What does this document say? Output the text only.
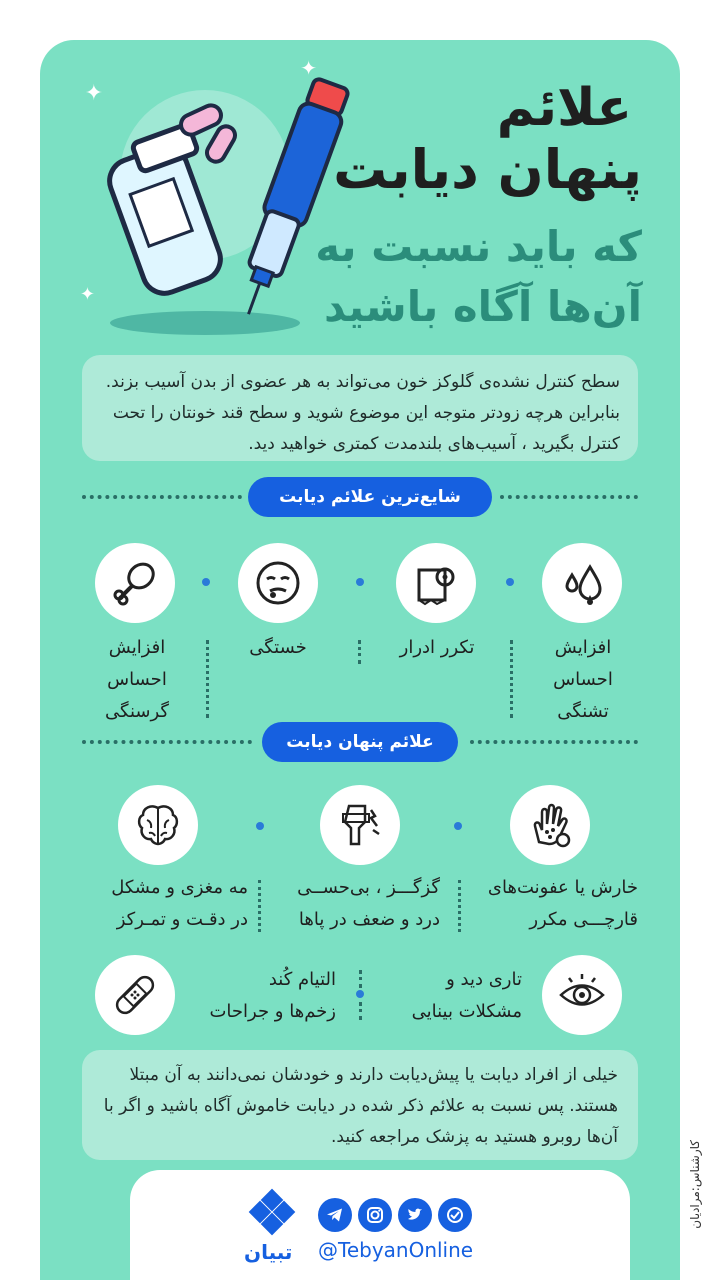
✦
✦
✦
علائم
پنهان دیابت
که باید نسبت به
آن‌ها آگاه باشید
سطح کنترل نشده‌ی گلوکز خون می‌تواند به هر عضوی از بدن آسیب بزند. بنابراین هرچه زودتر متوجه این موضوع شوید و سطح قند خونتان را تحت کنترل بگیرید ، آسیب‌های بلندمدت کمتری خواهید دید.
شایع‌ترین علائم دیابت
افزایش
احساس
تشنگی
تکرر ادرار
خستگی
افزایش
احساس
گرسنگی
علائم پنهان دیابت
خارش یا عفونت‌های
قارچـــی مکرر
گزگـــز ، بی‌حســی
درد و ضعف در پاها
مه مغزی و مشکل
در دقـت و تمـرکز
تاری دید و
مشکلات بینایی
التیام کُند
زخم‌ها و جراحات
خیلی از افراد دیابت یا پیش‌دیابت دارند و خودشان نمی‌دانند به آن مبتلا هستند. پس نسبت به علائم ذکر شده در دیابت خاموش آگاه باشید و اگر با آن‌ها روبرو هستید به پزشک مراجعه کنید.
کارشناس:مرادیان
تبیان @TebyanOnline
